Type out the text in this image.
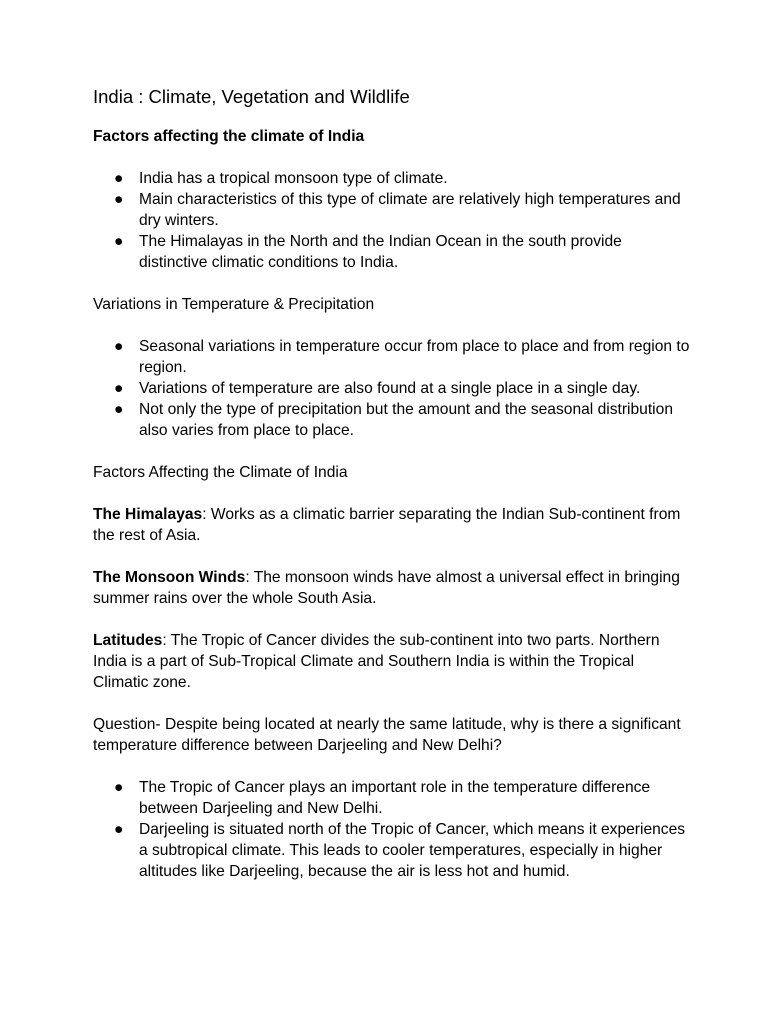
India : Climate, Vegetation and Wildlife
Factors affecting the climate of India
● India has a tropical monsoon type of climate.
● Main characteristics of this type of climate are relatively high temperatures and dry winters.
● The Himalayas in the North and the Indian Ocean in the south provide distinctive climatic conditions to India.
Variations in Temperature & Precipitation
● Seasonal variations in temperature occur from place to place and from region to region.
● Variations of temperature are also found at a single place in a single day.
● Not only the type of precipitation but the amount and the seasonal distribution also varies from place to place.
Factors Affecting the Climate of India

The Himalayas: Works as a climatic barrier separating the Indian Sub-continent from the rest of Asia.

The Monsoon Winds: The monsoon winds have almost a universal effect in bringing summer rains over the whole South Asia.

Latitudes: The Tropic of Cancer divides the sub-continent into two parts. Northern India is a part of Sub-Tropical Climate and Southern India is within the Tropical Climatic zone.

Question- Despite being located at nearly the same latitude, why is there a significant temperature difference between Darjeeling and New Delhi?

● The Tropic of Cancer plays an important role in the temperature difference between Darjeeling and New Delhi.
● Darjeeling is situated north of the Tropic of Cancer, which means it experiences a subtropical climate. This leads to cooler temperatures, especially in higher altitudes like Darjeeling, because the air is less hot and humid.
